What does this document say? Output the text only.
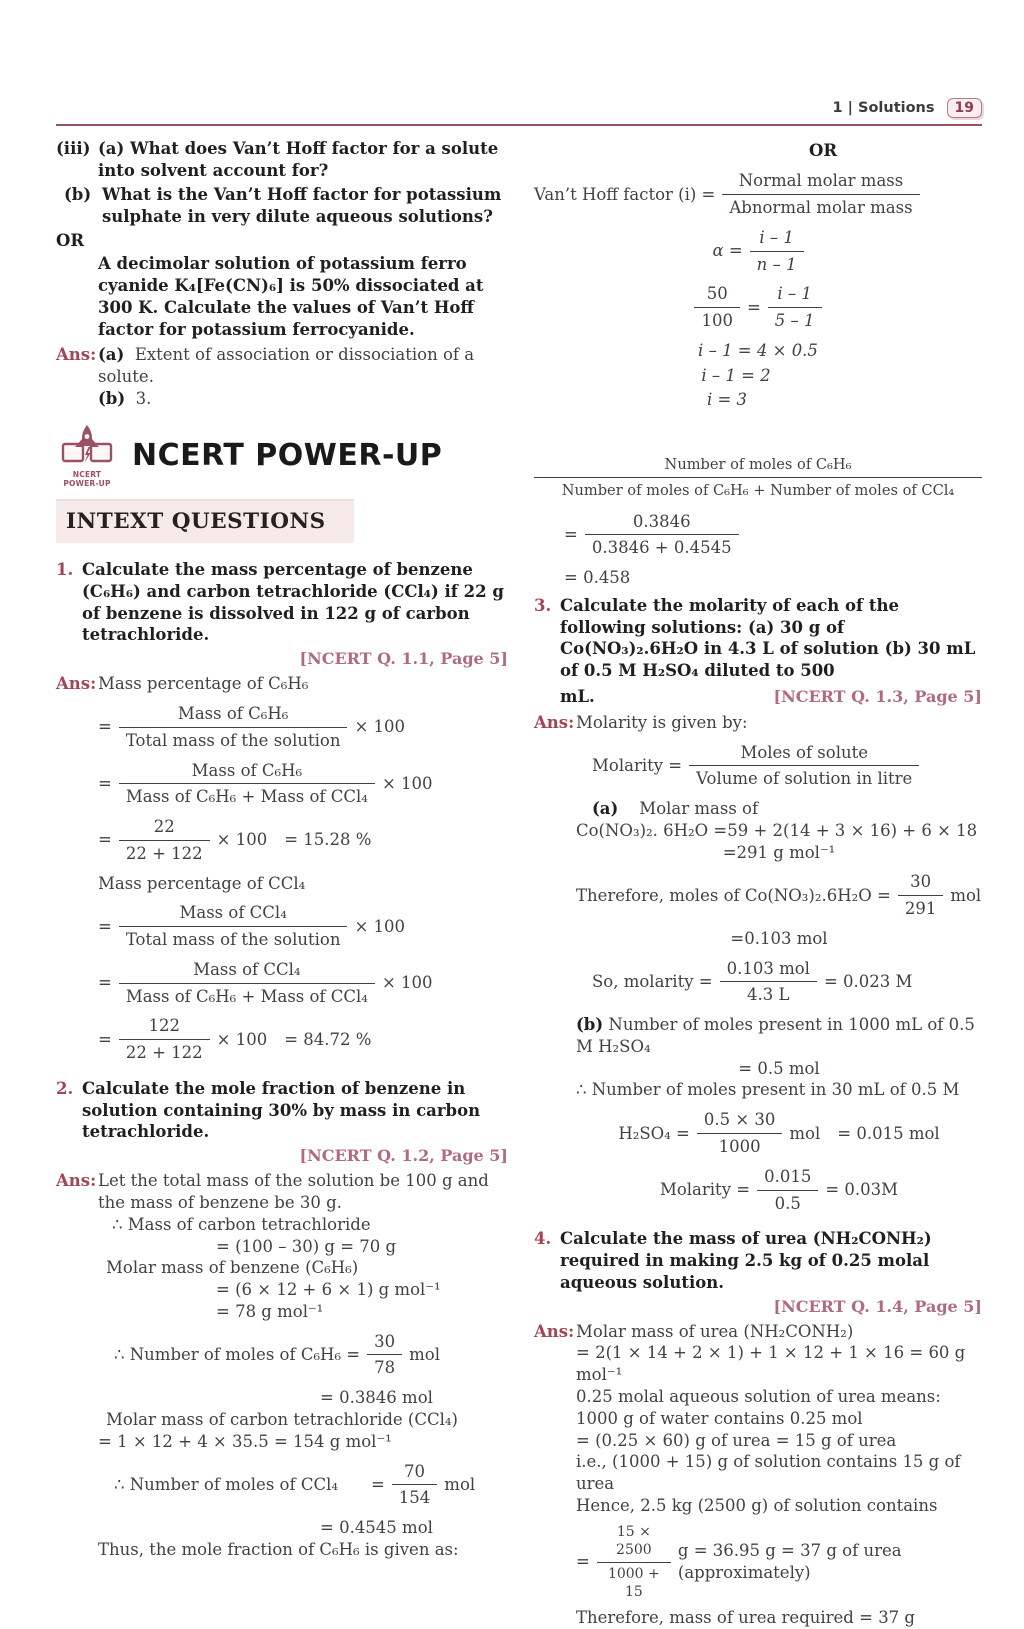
1 | Solutions	19
(iii) (a) What does Van’t Hoff factor for a solute into solvent account for?
(b) What is the Van’t Hoff factor for potassium sulphate in very dilute aqueous solutions?
OR
A decimolar solution of potassium ferro cyanide K₄[Fe(CN)₆] is 50% dissociated at 300 K. Calculate the values of Van’t Hoff factor for potassium ferrocyanide.
Ans: (a) Extent of association or dissociation of a solute.
(b) 3.
NCERT
POWER-UP
NCERT POWER-UP
INTEXT QUESTIONS
1. Calculate the mass percentage of benzene (C₆H₆) and carbon tetrachloride (CCl₄) if 22 g of benzene is dissolved in 122 g of carbon tetrachloride.
[NCERT Q. 1.1, Page 5]
Ans: Mass percentage of C₆H₆
=
Mass of C₆H₆
Total mass of the solution
× 100
=
Mass of C₆H₆
Mass of C₆H₆ + Mass of CCl₄
× 100
= $\frac{22}{22 + 122} \times 100 = 15.28$ %
Mass percentage of CCl₄
=
Mass of CCl₄
Total mass of the solution
× 100
=
Mass of CCl₄
Mass of C₆H₆ + Mass of CCl₄
× 100
= $\frac{122}{22 + 122} \times 100 = 84.72$ %
2. Calculate the mole fraction of benzene in solution containing 30% by mass in carbon tetrachloride.
[NCERT Q. 1.2, Page 5]
Ans: Let the total mass of the solution be 100 g and the mass of benzene be 30 g.
∴ Mass of carbon tetrachloride
= (100 – 30) g = 70 g
Molar mass of benzene (C₆H₆)
= (6 × 12 + 6 × 1) g mol⁻¹
= 78 g mol⁻¹
∴ Number of moles of $C_6H_6 = \frac{30}{78}$ mol
= 0.3846 mol
Molar mass of carbon tetrachloride (CCl₄)
= 1 × 12 + 4 × 35.5 = 154 g mol⁻¹
∴ Number of moles of $CCl_4 = \frac{70}{154}$ mol
= 0.4545 mol
Thus, the mole fraction of C₆H₆ is given as:
OR
Van’t Hoff factor (i) =
Normal molar mass
Abnormal molar mass
$\alpha = \frac{i - 1}{n - 1}$
$\frac{50}{100} = \frac{i - 1}{5 - 1}$
i – 1 = 4 × 0.5
i – 1 = 2
i = 3
Number of moles of C₆H₆
Number of moles of C₆H₆ + Number of moles of CCl₄
= $\frac{0.3846}{0.3846 + 0.4545}$
= 0.458
3. Calculate the molarity of each of the following solutions: (a) 30 g of Co(NO₃)₂.6H₂O in 4.3 L of solution (b) 30 mL of 0.5 M H₂SO₄ diluted to 500
mL.	[NCERT Q. 1.3, Page 5]
Ans: Molarity is given by:
Molarity =
Moles of solute
Volume of solution in litre
(a) Molar mass of
Co(NO₃)₂. 6H₂O =59 + 2(14 + 3 × 16) + 6 × 18
=291 g mol⁻¹
Therefore, moles of $Co(NO_3)_2.6H_2O = \frac{30}{291}$ mol
=0.103 mol
So, molarity =
0.103 mol
4.3 L
= 0.023 M
(b) Number of moles present in 1000 mL of 0.5 M H₂SO₄
= 0.5 mol
∴ Number of moles present in 30 mL of 0.5 M
$H_2SO_4 = \frac{0.5 \times 30}{1000}$ mol = 0.015 mol
Molarity = $\frac{0.015}{0.5} = 0.03M$
4. Calculate the mass of urea (NH₂CONH₂) required in making 2.5 kg of 0.25 molal aqueous solution.
[NCERT Q. 1.4, Page 5]
Ans: Molar mass of urea (NH₂CONH₂)
= 2(1 × 14 + 2 × 1) + 1 × 12 + 1 × 16 = 60 g mol⁻¹
0.25 molal aqueous solution of urea means:
1000 g of water contains 0.25 mol
= (0.25 × 60) g of urea = 15 g of urea
i.e., (1000 + 15) g of solution contains 15 g of urea
Hence, 2.5 kg (2500 g) of solution contains
= $\frac{15 \times 2500}{1000 + 15}$ g = 36.95 g = 37 g of urea (approximately)
Therefore, mass of urea required = 37 g
